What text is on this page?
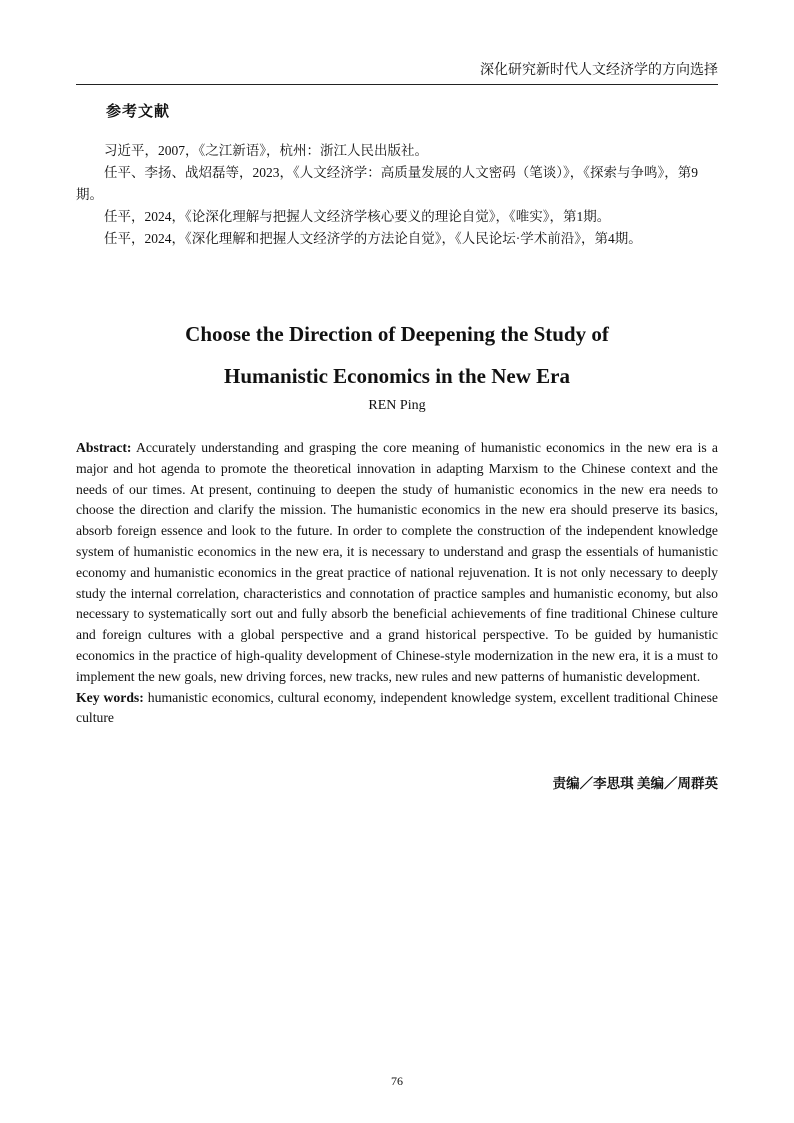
深化研究新时代人文经济学的方向选择
参考文献

习近平，2007，《之江新语》，杭州：浙江人民出版社。

任平、李扬、战炤磊等，2023，《人文经济学：高质量发展的人文密码（笔谈）》，《探索与争鸣》，第9期。

任平，2024，《论深化理解与把握人文经济学核心要义的理论自觉》，《唯实》，第1期。

任平，2024，《深化理解和把握人文经济学的方法论自觉》，《人民论坛·学术前沿》，第4期。

Choose the Direction of Deepening the Study of
Humanistic Economics in the New Era
REN Ping

Abstract: Accurately understanding and grasping the core meaning of humanistic economics in the new era is a major and hot agenda to promote the theoretical innovation in adapting Marxism to the Chinese context and the needs of our times. At present, continuing to deepen the study of humanistic economics in the new era needs to choose the direction and clarify the mission. The humanistic economics in the new era should preserve its basics, absorb foreign essence and look to the future. In order to complete the construction of the independent knowledge system of humanistic economics in the new era, it is necessary to understand and grasp the essentials of humanistic economy and humanistic economics in the great practice of national rejuvenation. It is not only necessary to deeply study the internal correlation, characteristics and connotation of practice samples and humanistic economy, but also necessary to systematically sort out and fully absorb the beneficial achievements of fine traditional Chinese culture and foreign cultures with a global perspective and a grand historical perspective. To be guided by humanistic economics in the practice of high-quality development of Chinese-style modernization in the new era, it is a must to implement the new goals, new driving forces, new tracks, new rules and new patterns of humanistic development.

Key words: humanistic economics, cultural economy, independent knowledge system, excellent traditional Chinese culture

责编／李思琪 美编／周群英
76
